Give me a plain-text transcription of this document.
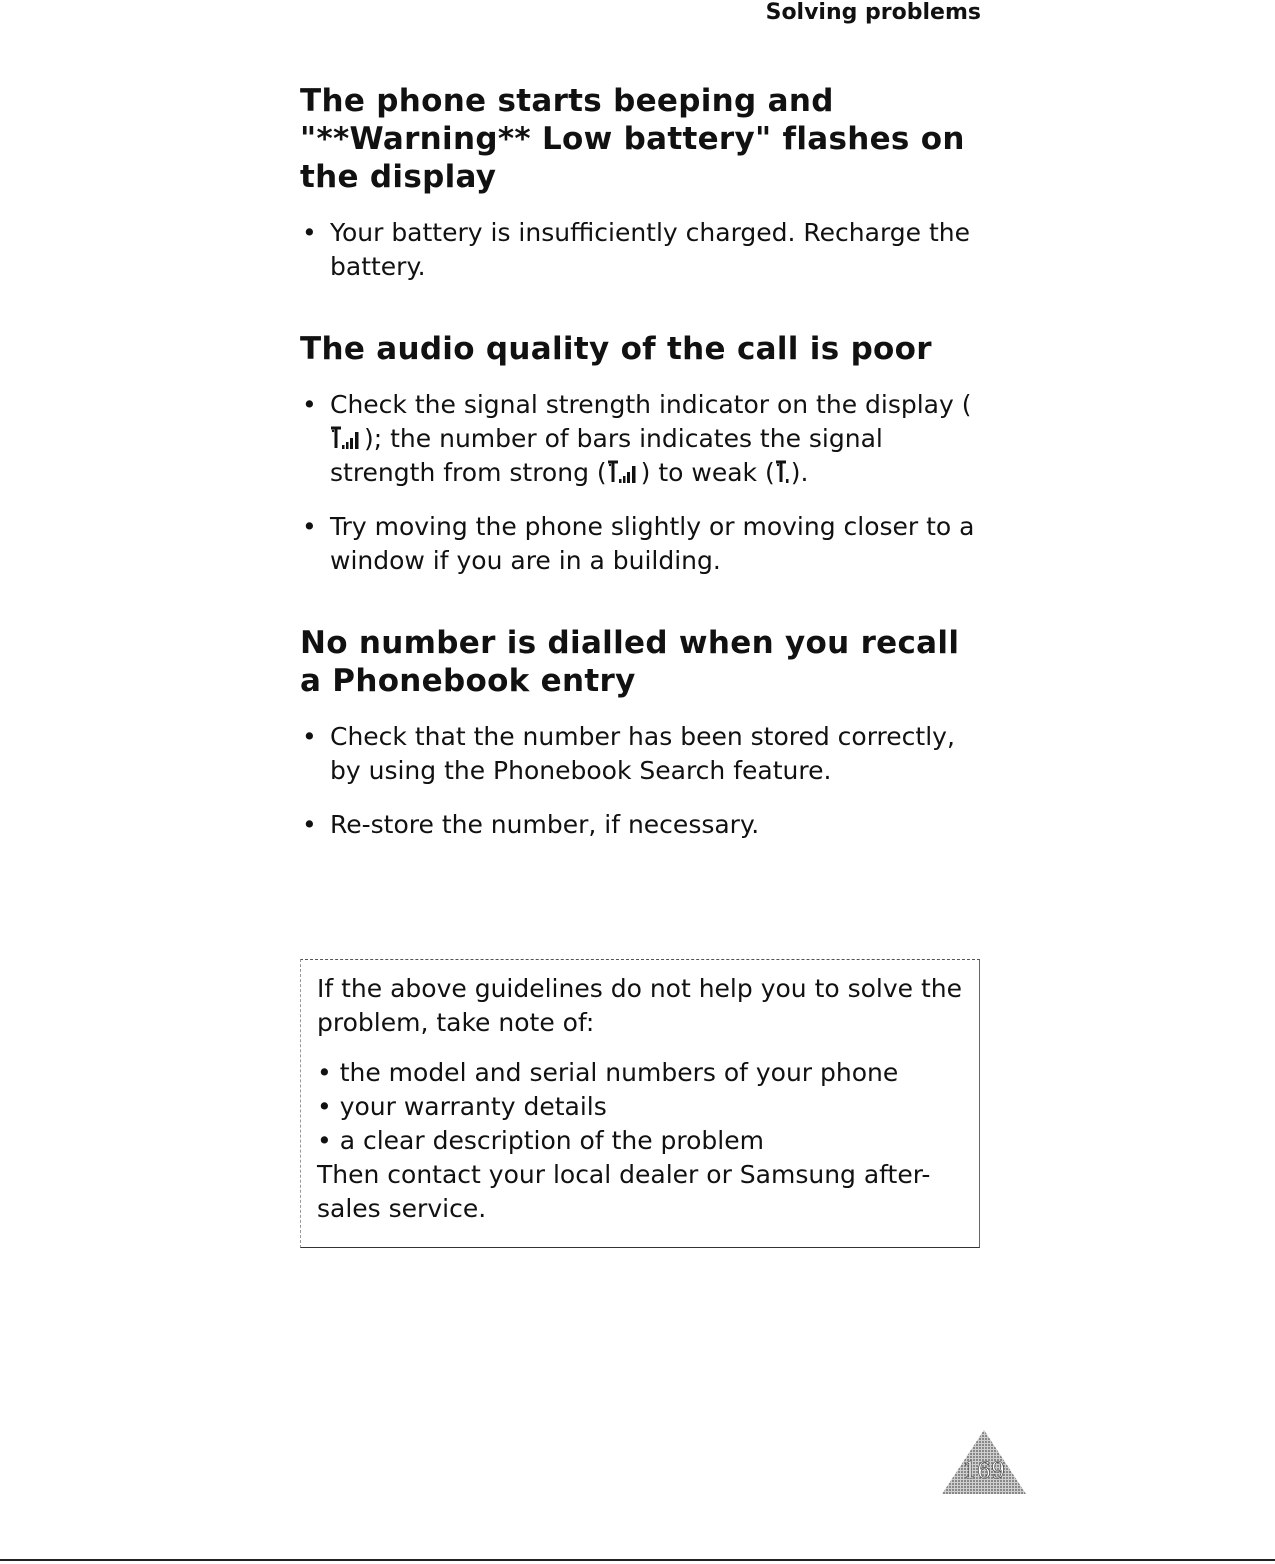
Solving problems
The phone starts beeping and "**Warning** Low battery" flashes on the display
• Your battery is insufficiently charged. Recharge the battery.
The audio quality of the call is poor
• Check the signal strength indicator on the display (); the number of bars indicates the signal strength from strong ( ) to weak ( ).
• Try moving the phone slightly or moving closer to a window if you are in a building.
No number is dialled when you recall a Phonebook entry
• Check that the number has been stored correctly, by using the Phonebook Search feature.
• Re-store the number, if necessary.

If the above guidelines do not help you to solve the problem, take note of:

• the model and serial numbers of your phone

• your warranty details

• a clear description of the problem

Then contact your local dealer or Samsung after-sales service.

169
